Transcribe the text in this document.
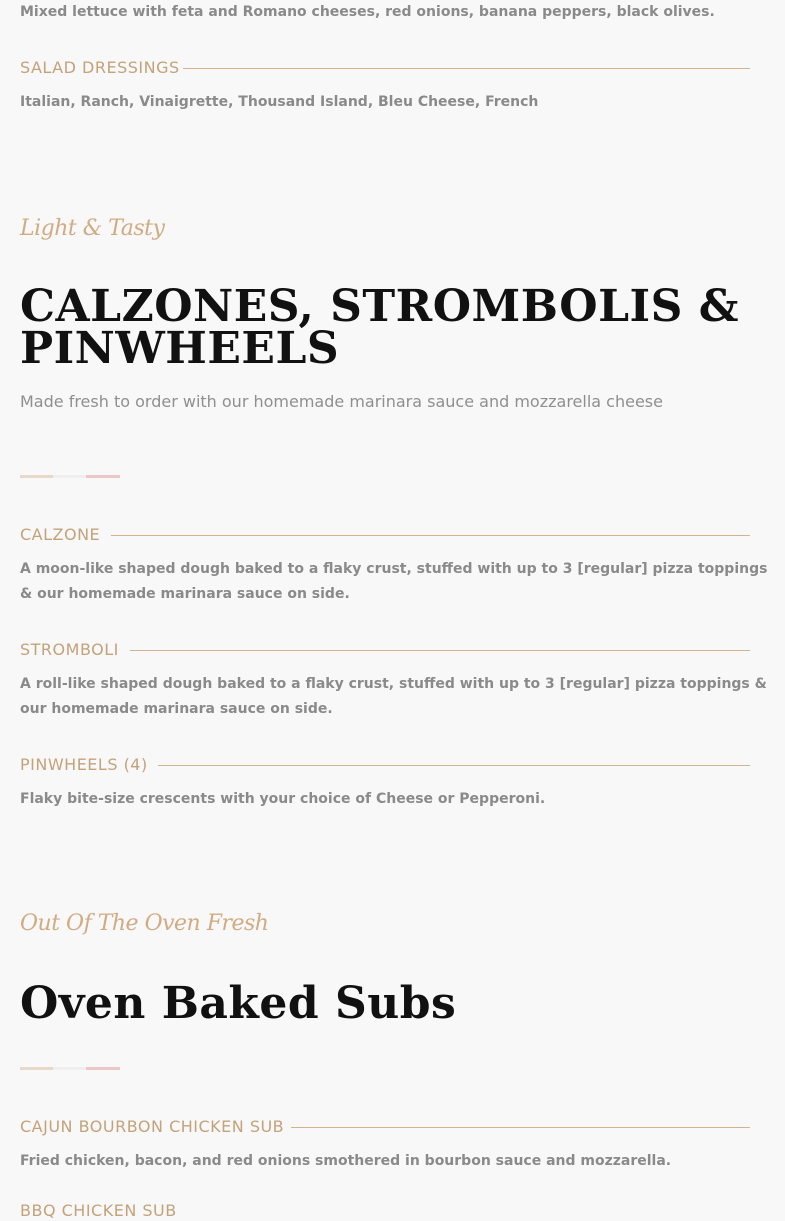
Mixed lettuce with feta and Romano cheeses, red onions, banana peppers, black olives.
SALAD DRESSINGS
Italian, Ranch, Vinaigrette, Thousand Island, Bleu Cheese, French
Light & Tasty
CALZONES, STROMBOLIS & PINWHEELS
Made fresh to order with our homemade marinara sauce and mozzarella cheese
CALZONE
A moon-like shaped dough baked to a flaky crust, stuffed with up to 3 [regular] pizza toppings & our homemade marinara sauce on side.
STROMBOLI
A roll-like shaped dough baked to a flaky crust, stuffed with up to 3 [regular] pizza toppings & our homemade marinara sauce on side.
PINWHEELS (4)
Flaky bite-size crescents with your choice of Cheese or Pepperoni.
Out Of The Oven Fresh
Oven Baked Subs
CAJUN BOURBON CHICKEN SUB
Fried chicken, bacon, and red onions smothered in bourbon sauce and mozzarella.
BBQ CHICKEN SUB
